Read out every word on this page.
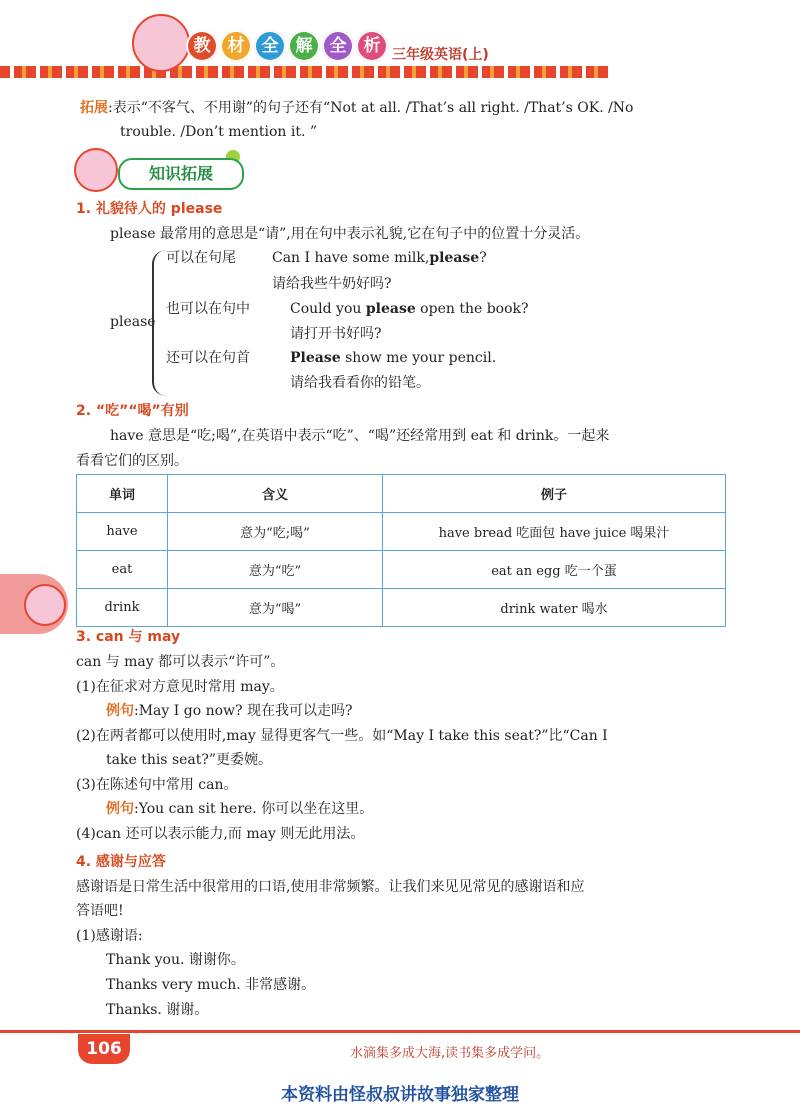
教	材	全	解	全	析 三年级英语(上)
拓展:表示“不客气、不用谢”的句子还有“Not at all. /That’s all right. /That’s OK. /No
trouble. /Don’t mention it. ”
知识拓展
1. 礼貌待人的 please
please 最常用的意思是“请”,用在句中表示礼貌,它在句子中的位置十分灵活。
please
可以在句尾	Can I have some milk,please?
请给我些牛奶好吗?
也可以在句中	Could you please open the book?
请打开书好吗?
还可以在句首	Please show me your pencil.
请给我看看你的铅笔。
2. “吃”“喝”有别
have 意思是“吃;喝”,在英语中表示“吃”、“喝”还经常用到 eat 和 drink。一起来
看看它们的区别。
单词	含义	例子
have	意为“吃;喝”	have bread 吃面包 have juice 喝果汁
eat	意为“吃”	eat an egg 吃一个蛋
drink	意为“喝”	drink water 喝水
3. can 与 may
can 与 may 都可以表示“许可”。
(1)在征求对方意见时常用 may。
例句:May I go now? 现在我可以走吗?
(2)在两者都可以使用时,may 显得更客气一些。如“May I take this seat?”比“Can I
take this seat?”更委婉。
(3)在陈述句中常用 can。
例句:You can sit here. 你可以坐在这里。
(4)can 还可以表示能力,而 may 则无此用法。
4. 感谢与应答
感谢语是日常生活中很常用的口语,使用非常频繁。让我们来见见常见的感谢语和应
答语吧!
(1)感谢语:
Thank you. 谢谢你。
Thanks very much. 非常感谢。
Thanks. 谢谢。
106	水滴集多成大海,读书集多成学问。
本资料由怪叔叔讲故事独家整理
